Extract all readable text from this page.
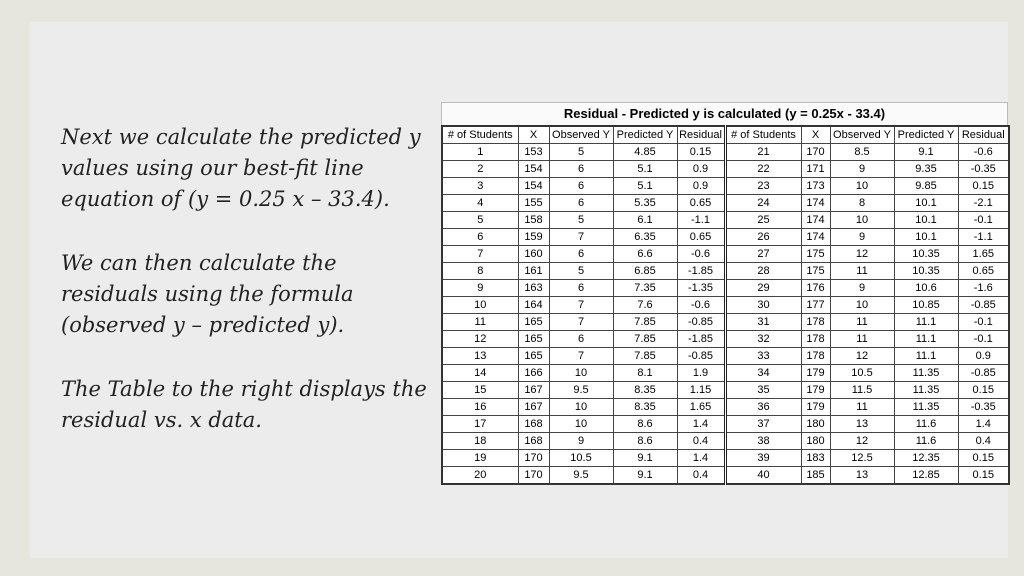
Next we calculate the predicted y values using our best-fit line equation of (y = 0.25 x – 33.4).

We can then calculate the residuals using the formula (observed y – predicted y).

The Table to the right displays the residual vs. x data.

Residual - Predicted y is calculated (y = 0.25x - 33.4)
# of Students	X	Observed Y	Predicted Y	Residual	# of Students	X	Observed Y	Predicted Y	Residual
1	153	5	4.85	0.15	21	170	8.5	9.1	-0.6
2	154	6	5.1	0.9	22	171	9	9.35	-0.35
3	154	6	5.1	0.9	23	173	10	9.85	0.15
4	155	6	5.35	0.65	24	174	8	10.1	-2.1
5	158	5	6.1	-1.1	25	174	10	10.1	-0.1
6	159	7	6.35	0.65	26	174	9	10.1	-1.1
7	160	6	6.6	-0.6	27	175	12	10.35	1.65
8	161	5	6.85	-1.85	28	175	11	10.35	0.65
9	163	6	7.35	-1.35	29	176	9	10.6	-1.6
10	164	7	7.6	-0.6	30	177	10	10.85	-0.85
11	165	7	7.85	-0.85	31	178	11	11.1	-0.1
12	165	6	7.85	-1.85	32	178	11	11.1	-0.1
13	165	7	7.85	-0.85	33	178	12	11.1	0.9
14	166	10	8.1	1.9	34	179	10.5	11.35	-0.85
15	167	9.5	8.35	1.15	35	179	11.5	11.35	0.15
16	167	10	8.35	1.65	36	179	11	11.35	-0.35
17	168	10	8.6	1.4	37	180	13	11.6	1.4
18	168	9	8.6	0.4	38	180	12	11.6	0.4
19	170	10.5	9.1	1.4	39	183	12.5	12.35	0.15
20	170	9.5	9.1	0.4	40	185	13	12.85	0.15
